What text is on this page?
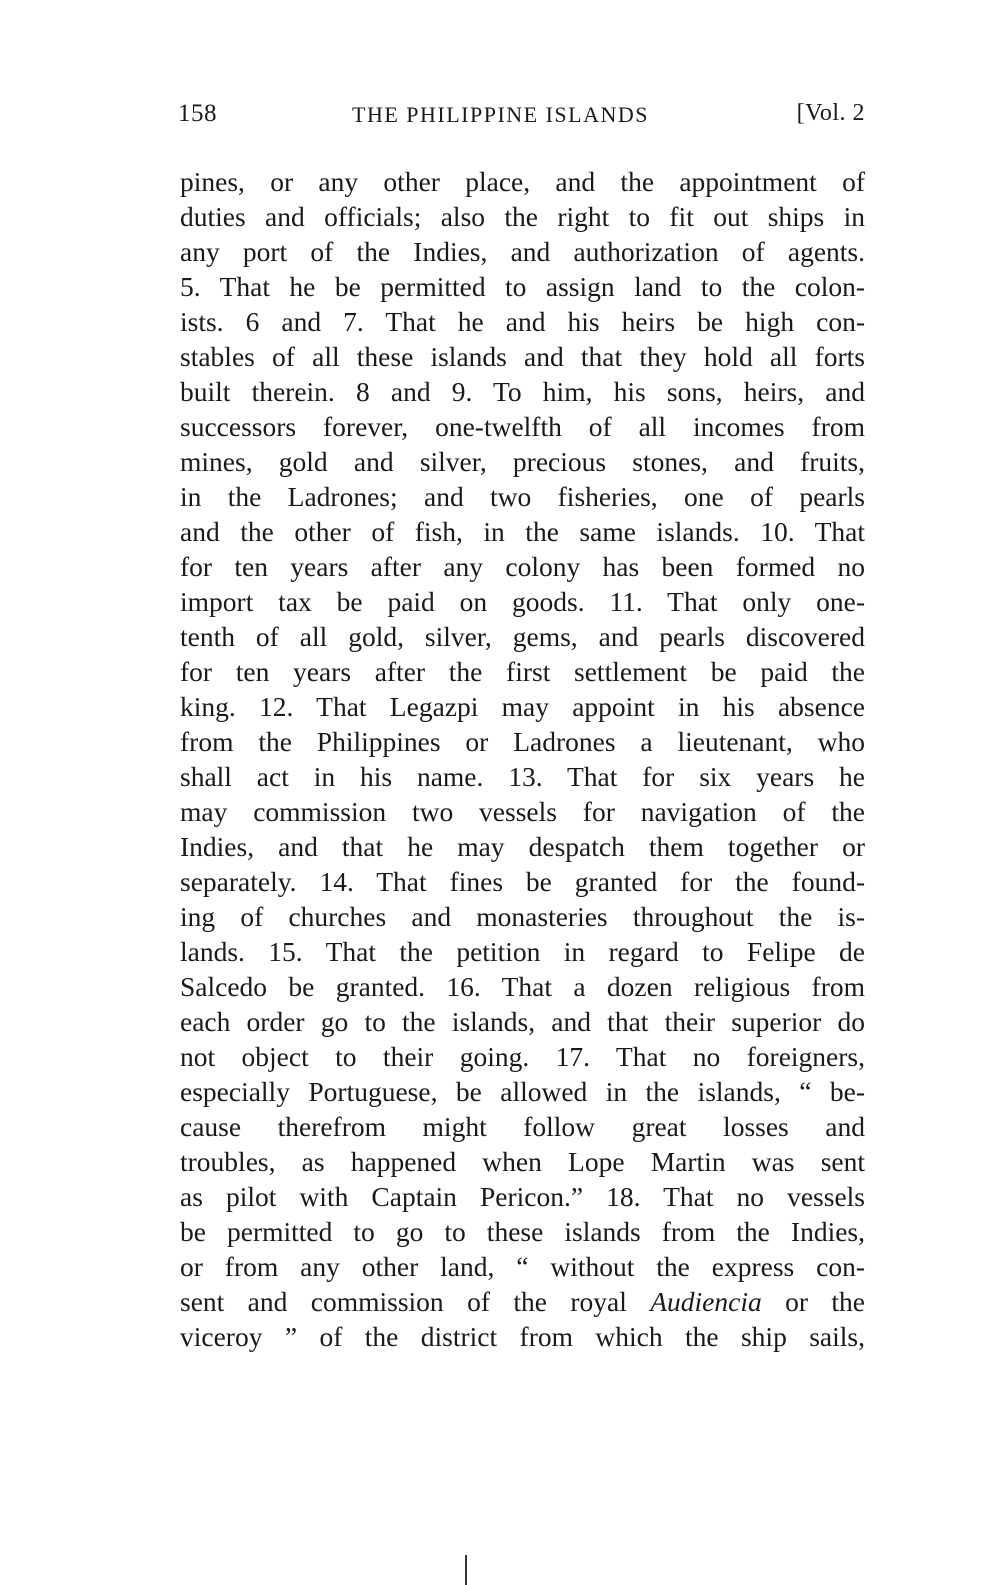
158	THE PHILIPPINE ISLANDS	[Vol. 2
pines, or any other place, and the appointment of
duties and officials; also the right to fit out ships in
any port of the Indies, and authorization of agents.
5. That he be permitted to assign land to the colon-
ists. 6 and 7. That he and his heirs be high con-
stables of all these islands and that they hold all forts
built therein. 8 and 9. To him, his sons, heirs, and
successors forever, one-twelfth of all incomes from
mines, gold and silver, precious stones, and fruits,
in the Ladrones; and two fisheries, one of pearls
and the other of fish, in the same islands. 10. That
for ten years after any colony has been formed no
import tax be paid on goods. 11. That only one-
tenth of all gold, silver, gems, and pearls discovered
for ten years after the first settlement be paid the
king. 12. That Legazpi may appoint in his absence
from the Philippines or Ladrones a lieutenant, who
shall act in his name. 13. That for six years he
may commission two vessels for navigation of the
Indies, and that he may despatch them together or
separately. 14. That fines be granted for the found-
ing of churches and monasteries throughout the is-
lands. 15. That the petition in regard to Felipe de
Salcedo be granted. 16. That a dozen religious from
each order go to the islands, and that their superior do
not object to their going. 17. That no foreigners,
especially Portuguese, be allowed in the islands, “ be-
cause therefrom might follow great losses and
troubles, as happened when Lope Martin was sent
as pilot with Captain Pericon.” 18. That no vessels
be permitted to go to these islands from the Indies,
or from any other land, “ without the express con-
sent and commission of the royal Audiencia or the
viceroy ” of the district from which the ship sails,
